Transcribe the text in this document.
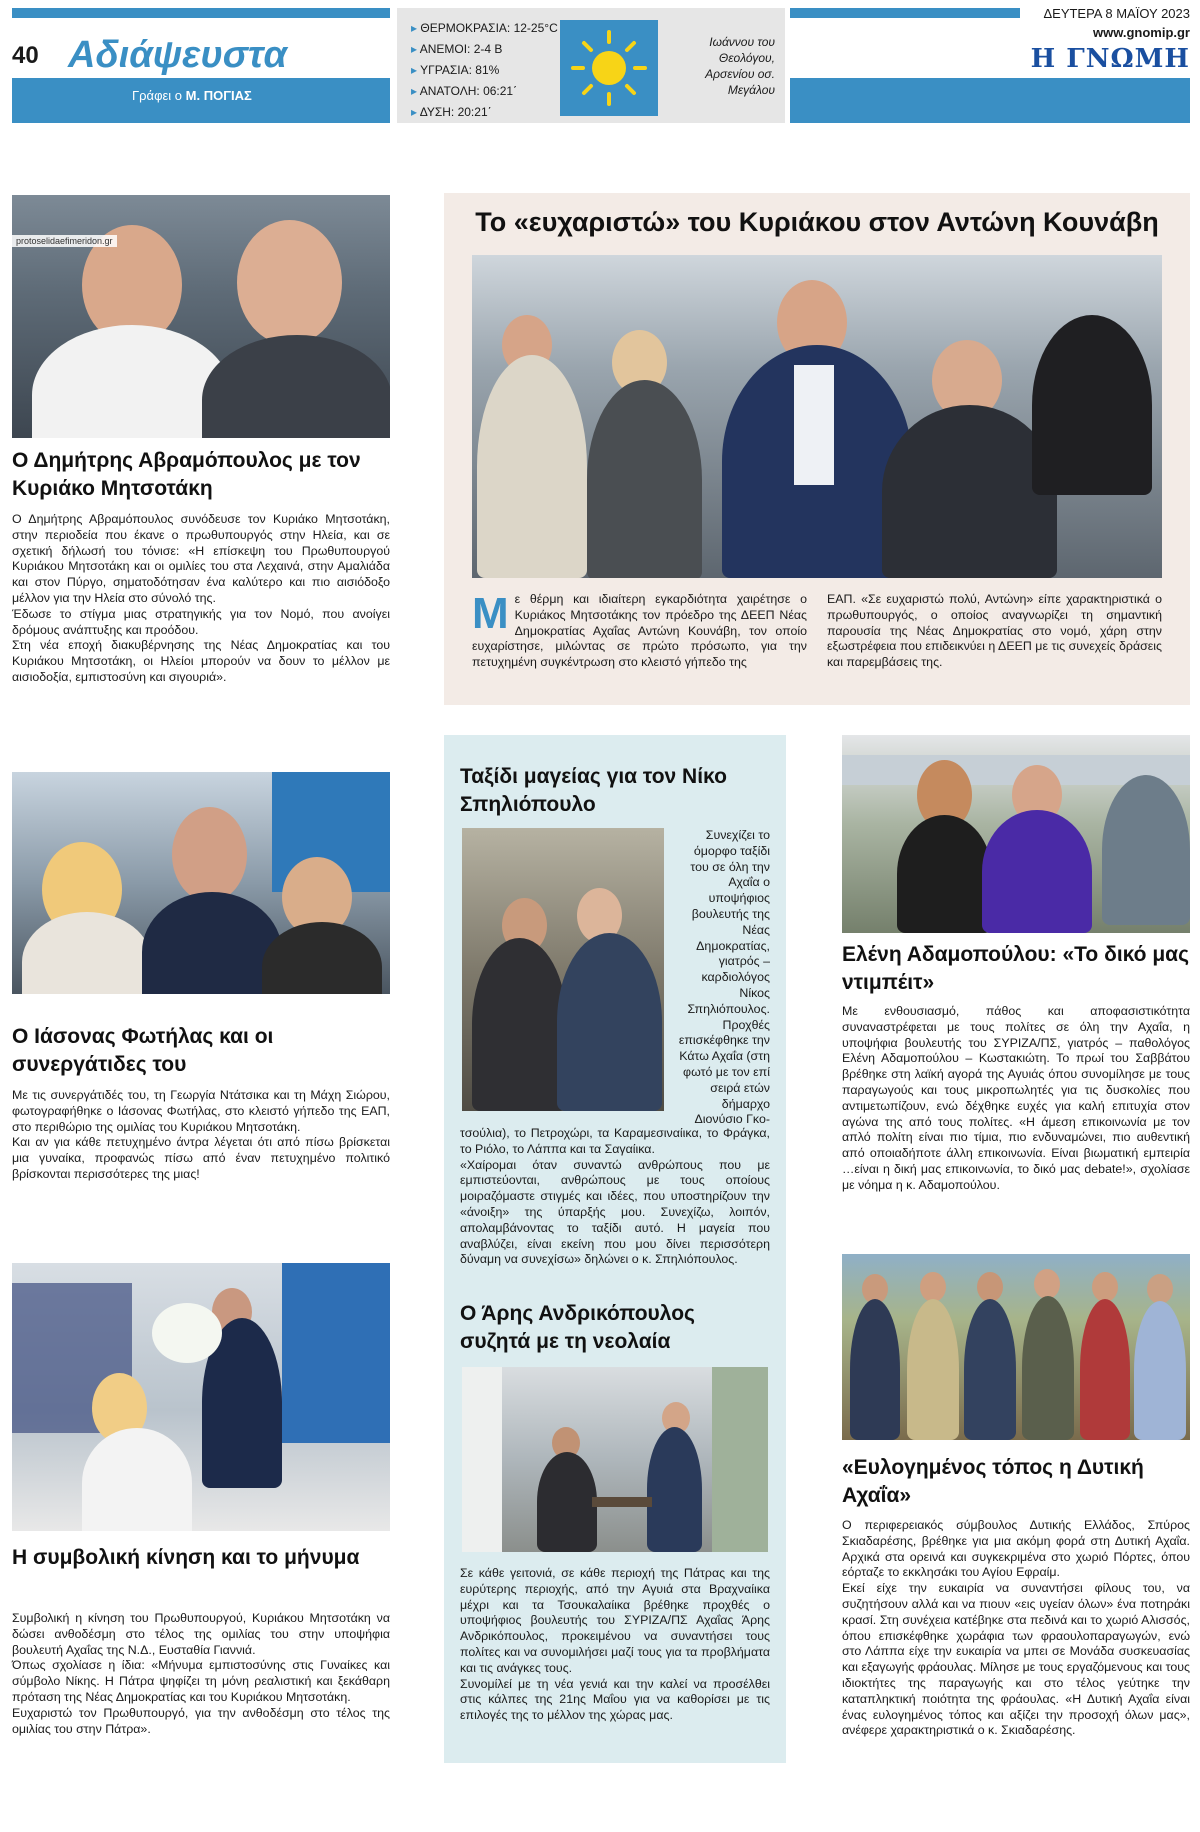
40 Αδιάψευστα
Γράφει ο Μ. ΠΟΓΙΑΣ
▸ ΘΕΡΜΟΚΡΑΣΙΑ: 12-25°C
▸ ΑΝΕΜΟΙ: 2-4 Β
▸ ΥΓΡΑΣΙΑ: 81%
▸ ΑΝΑΤΟΛΗ: 06:21΄
▸ ΔΥΣΗ: 20:21΄
Ιωάννου του Θεολόγου, Αρσενίου οσ. Μεγάλου
ΔΕΥΤΕΡΑ 8 ΜΑΪΟΥ 2023
www.gnomip.gr
Η ΓΝΩΜΗ
protoselidaefimeridon.gr
Ο Δημήτρης Αβραμόπουλος με τον Κυριάκο Μητσοτάκη

Ο Δημήτρης Αβραμόπουλος συνόδευσε τον Κυριάκο Μητσοτάκη, στην περιοδεία που έκανε ο πρωθυπουργός στην Ηλεία, και σε σχετική δήλωσή του τόνισε: «Η επίσκεψη του Πρωθυπουργού Κυριάκου Μητσοτάκη και οι ομιλίες του στα Λεχαινά, στην Αμαλιάδα και στον Πύργο, σηματοδότησαν ένα καλύτερο και πιο αισιόδοξο μέλλον για την Ηλεία στο σύνολό της.

Έδωσε το στίγμα μιας στρατηγικής για τον Νομό, που ανοίγει δρόμους ανάπτυξης και προόδου.

Στη νέα εποχή διακυβέρνησης της Νέας Δημοκρατίας και του Κυριάκου Μητσοτάκη, οι Ηλείοι μπορούν να δουν το μέλλον με αισιοδοξία, εμπιστοσύνη και σιγουριά».

Ο Ιάσονας Φωτήλας και οι συνεργάτιδες του

Με τις συνεργάτιδές του, τη Γεωργία Ντάτσικα και τη Μάχη Σιώρου, φωτογραφήθηκε ο Ιάσονας Φωτήλας, στο κλειστό γήπεδο της ΕΑΠ, στο περιθώριο της ομιλίας του Κυριάκου Μητσοτάκη.

Και αν για κάθε πετυχημένο άντρα λέγεται ότι από πίσω βρίσκεται μια γυναίκα, προφανώς πίσω από έναν πετυχημένο πολιτικό βρίσκονται περισσότερες της μιας!

Η συμβολική κίνηση και το μήνυμα

Συμβολική η κίνηση του Πρωθυπουργού, Κυριάκου Μητσοτάκη να δώσει ανθοδέσμη στο τέλος της ομιλίας του στην υποψήφια βουλευτή Αχαΐας της Ν.Δ., Ευσταθία Γιαννιά.

Όπως σχολίασε η ίδια: «Μήνυμα εμπιστοσύνης στις Γυναίκες και σύμβολο Νίκης. Η Πάτρα ψηφίζει τη μόνη ρεαλιστική και ξεκάθαρη πρόταση της Νέας Δημοκρατίας και του Κυριάκου Μητσοτάκη.

Ευχαριστώ τον Πρωθυπουργό, για την ανθοδέσμη στο τέλος της ομιλίας του στην Πάτρα».

Το «ευχαριστώ» του Κυριάκου στον Αντώνη Κουνάβη
Με θέρμη και ιδιαίτερη εγκαρδιότητα χαιρέτησε ο Κυριάκος Μητσοτάκης τον πρόεδρο της ΔΕΕΠ Νέας Δημοκρατίας Αχαΐας Αντώνη Κουνάβη, τον οποίο ευχαρίστησε, μιλώντας σε πρώτο πρόσωπο, για την πετυχημένη συγκέντρωση στο κλειστό γήπεδο της
ΕΑΠ. «Σε ευχαριστώ πολύ, Αντώνη» είπε χαρακτηριστικά ο πρωθυπουργός, ο οποίος αναγνωρίζει τη σημαντική παρουσία της Νέας Δημοκρατίας στο νομό, χάρη στην εξωστρέφεια που επιδεικνύει η ΔΕΕΠ με τις συνεχείς δράσεις και παρεμβάσεις της.
Ταξίδι μαγείας για τον Νίκο Σπηλιόπουλο
Συνεχίζει το όμορφο ταξίδι του σε όλη την Αχαΐα ο υποψήφιος βουλευτής της Νέας Δημοκρατίας, γιατρός – καρδιολόγος Νίκος Σπηλιόπουλος. Προχθές επισκέφθηκε την Κάτω Αχαΐα (στη φωτό με τον επί σειρά ετών δήμαρχο Διονύσιο Γκο-

τσούλια), το Πετροχώρι, τα Καραμεσιναίικα, το Φράγκα, το Ριόλο, το Λάππα και τα Σαγαίικα.

«Χαίρομαι όταν συναντώ ανθρώπους που με εμπιστεύονται, ανθρώπους με τους οποίους μοιραζόμαστε στιγμές και ιδέες, που υποστηρίζουν την «άνοιξη» της ύπαρξής μου. Συνεχίζω, λοιπόν, απολαμβάνοντας το ταξίδι αυτό. Η μαγεία που αναβλύζει, είναι εκείνη που μου δίνει περισσότερη δύναμη να συνεχίσω» δηλώνει ο κ. Σπηλιόπουλος.

Ο Άρης Ανδρικόπουλος συζητά με τη νεολαία

Σε κάθε γειτονιά, σε κάθε περιοχή της Πάτρας και της ευρύτερης περιοχής, από την Αγυιά στα Βραχναίικα μέχρι και τα Τσουκαλαίικα βρέθηκε προχθές ο υποψήφιος βουλευτής του ΣΥΡΙΖΑ/ΠΣ Αχαΐας Άρης Ανδρικόπουλος, προκειμένου να συναντήσει τους πολίτες και να συνομιλήσει μαζί τους για τα προβλήματα και τις ανάγκες τους.

Συνομίλεί με τη νέα γενιά και την καλεί να προσέλθει στις κάλπες της 21ης Μαΐου για να καθορίσει με τις επιλογές της το μέλλον της χώρας μας.

Ελένη Αδαμοπούλου: «Το δικό μας ντιμπέιτ»
Με ενθουσιασμό, πάθος και αποφασιστικότητα συναναστρέφεται με τους πολίτες σε όλη την Αχαΐα, η υποψήφια βουλευτής του ΣΥΡΙΖΑ/ΠΣ, γιατρός – παθολόγος Ελένη Αδαμοπούλου – Κωστακιώτη. Το πρωί του Σαββάτου βρέθηκε στη λαϊκή αγορά της Αγυιάς όπου συνομίλησε με τους παραγωγούς και τους μικροπωλητές για τις δυσκολίες που αντιμετωπίζουν, ενώ δέχθηκε ευχές για καλή επιτυχία στον αγώνα της από τους πολίτες. «Η άμεση επικοινωνία με τον απλό πολίτη είναι πιο τίμια, πιο ενδυναμώνει, πιο αυθεντική από οποιαδήποτε άλλη επικοινωνία. Είναι βιωματική εμπειρία …είναι η δική μας επικοινωνία, το δικό μας debate!», σχολίασε με νόημα η κ. Αδαμοπούλου.
«Ευλογημένος τόπος η Δυτική Αχαΐα»

Ο περιφερειακός σύμβουλος Δυτικής Ελλάδος, Σπύρος Σκιαδαρέσης, βρέθηκε για μια ακόμη φορά στη Δυτική Αχαΐα. Αρχικά στα ορεινά και συγκεκριμένα στο χωριό Πόρτες, όπου εόρταζε το εκκλησάκι του Αγίου Εφραίμ.

Εκεί είχε την ευκαιρία να συναντήσει φίλους του, να συζητήσουν αλλά και να πιουν «εις υγείαν όλων» ένα ποτηράκι κρασί. Στη συνέχεια κατέβηκε στα πεδινά και το χωριό Αλισσός, όπου επισκέφθηκε χωράφια των φραουλοπαραγωγών, ενώ στο Λάππα είχε την ευκαιρία να μπει σε Μονάδα συσκευασίας και εξαγωγής φράουλας. Μίλησε με τους εργαζόμενους και τους ιδιοκτήτες της παραγωγής και στο τέλος γεύτηκε την καταπληκτική ποιότητα της φράουλας. «Η Δυτική Αχαΐα είναι ένας ευλογημένος τόπος και αξίζει την προσοχή όλων μας», ανέφερε χαρακτηριστικά ο κ. Σκιαδαρέσης.
